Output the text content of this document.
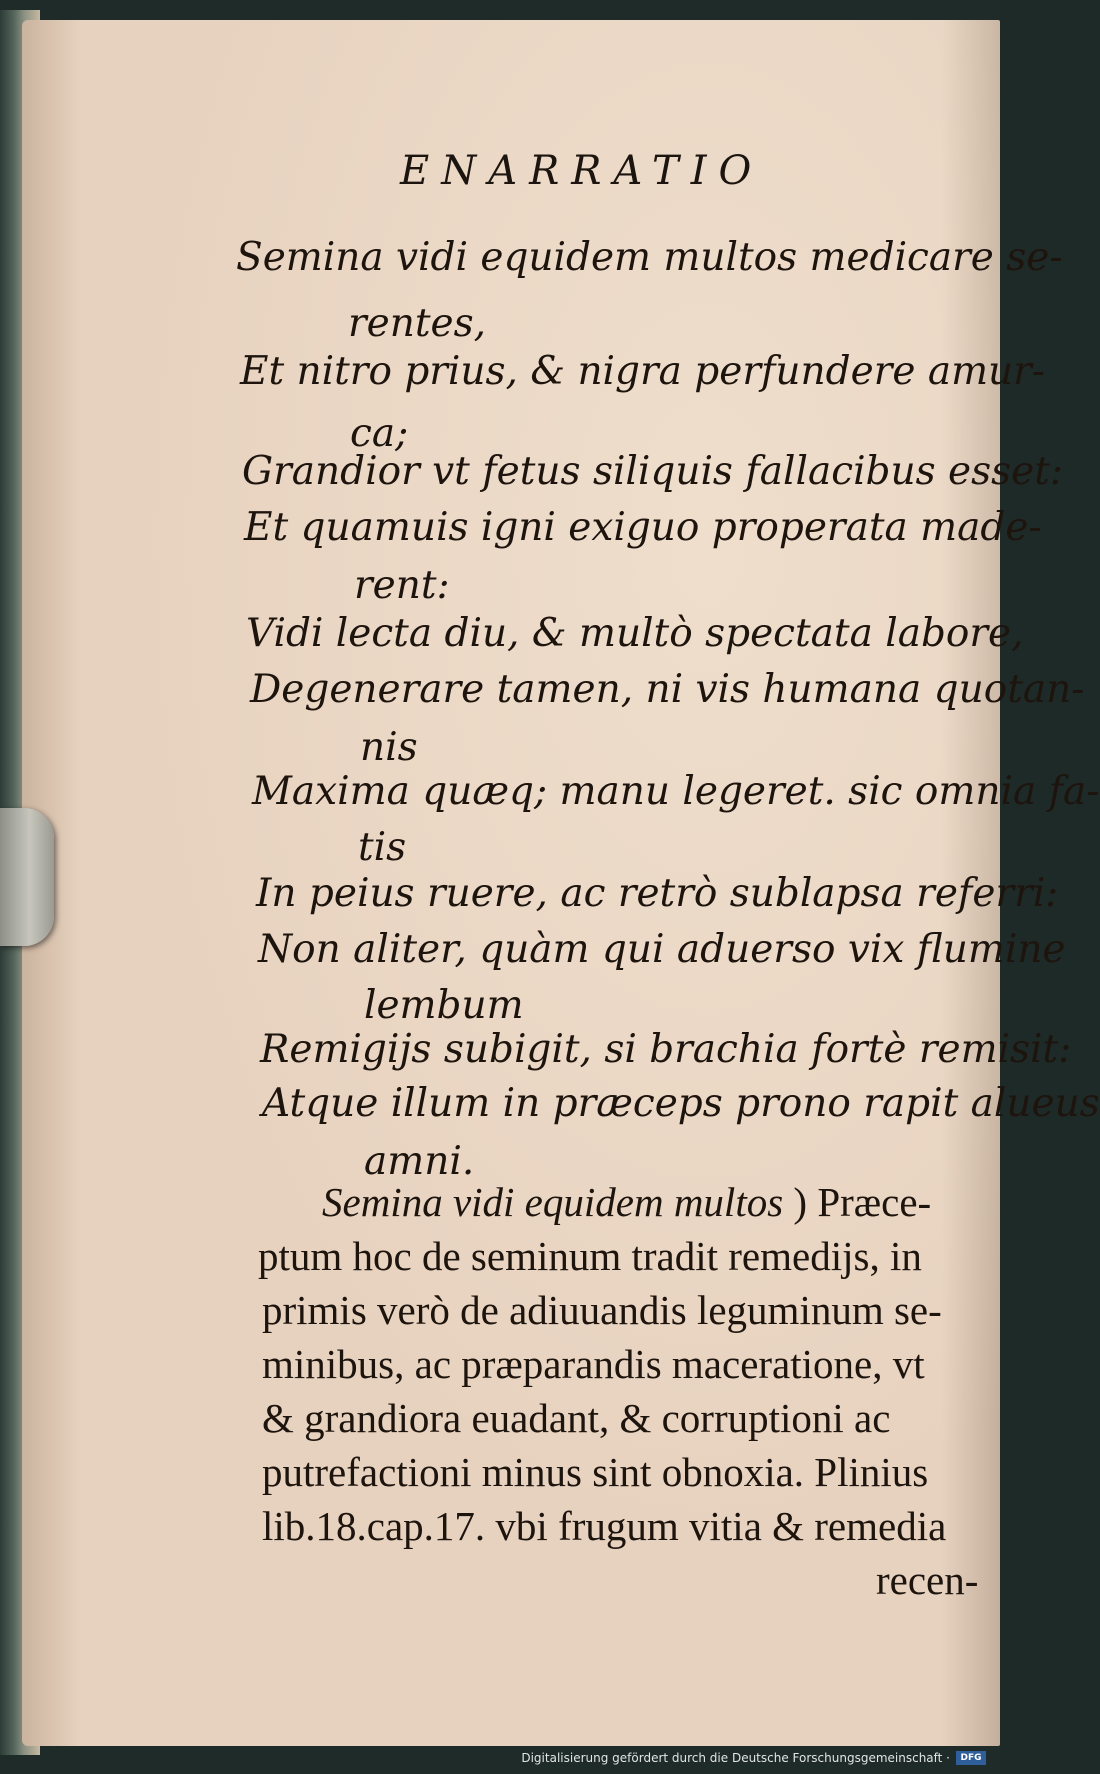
ENARRATIO
Semina vidi equidem multos medicare se-
rentes,
Et nitro prius, & nigra perfundere amur-
ca;
Grandior vt fetus siliquis fallacibus esset:
Et quamuis igni exiguo properata made-
rent:
Vidi lecta diu, & multò spectata labore,
Degenerare tamen, ni vis humana quotan-
nis
Maxima quæq; manu legeret. sic omnia fa-
tis
In peius ruere, ac retrò sublapsa referri:
Non aliter, quàm qui aduerso vix flumine
lembum
Remigijs subigit, si brachia fortè remisit:
Atque illum in præceps prono rapit alueus
amni.
Semina vidi equidem multos ) Præce-
ptum hoc de seminum tradit remedijs, in
primis verò de adiuuandis leguminum se-
minibus, ac præparandis maceratione, vt
& grandiora euadant, & corruptioni ac
putrefactioni minus sint obnoxia. Plinius
lib.18.cap.17. vbi frugum vitia & remedia
recen-
Digitalisierung gefördert durch die Deutsche Forschungsgemeinschaft ·	DFG
